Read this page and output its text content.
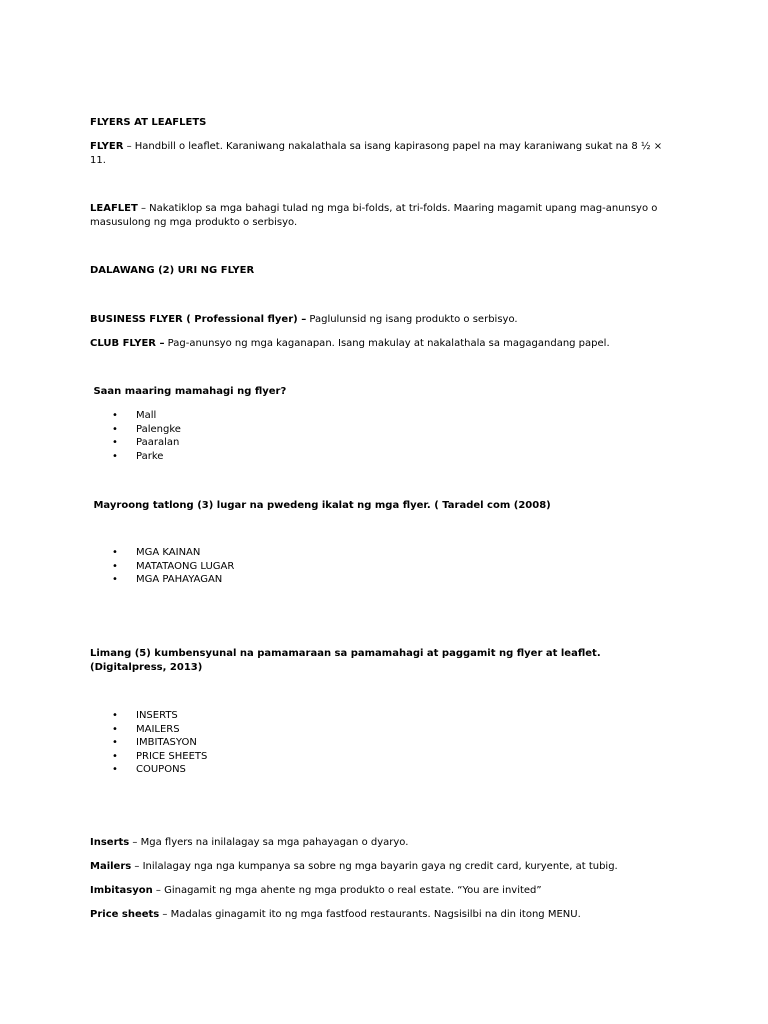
FLYERS AT LEAFLETS

FLYER – Handbill o leaflet. Karaniwang nakalathala sa isang kapirasong papel na may karaniwang sukat na 8 ½ × 11.

LEAFLET – Nakatiklop sa mga bahagi tulad ng mga bi-folds, at tri-folds. Maaring magamit upang mag-anunsyo o masusulong ng mga produkto o serbisyo.

DALAWANG (2) URI NG FLYER

BUSINESS FLYER ( Professional flyer) – Paglulunsid ng isang produkto o serbisyo.

CLUB FLYER – Pag-anunsyo ng mga kaganapan. Isang makulay at nakalathala sa magagandang papel.

Saan maaring mamahagi ng flyer?

• Mall
• Palengke
• Paaralan
• Parke

Mayroong tatlong (3) lugar na pwedeng ikalat ng mga flyer. ( Taradel com (2008)

• MGA KAINAN
• MATATAONG LUGAR
• MGA PAHAYAGAN

Limang (5) kumbensyunal na pamamaraan sa pamamahagi at paggamit ng flyer at leaflet. (Digitalpress, 2013)

• INSERTS
• MAILERS
• IMBITASYON
• PRICE SHEETS
• COUPONS

Inserts – Mga flyers na inilalagay sa mga pahayagan o dyaryo.

Mailers – Inilalagay nga nga kumpanya sa sobre ng mga bayarin gaya ng credit card, kuryente, at tubig.

Imbitasyon – Ginagamit ng mga ahente ng mga produkto o real estate. “You are invited”

Price sheets – Madalas ginagamit ito ng mga fastfood restaurants. Nagsisilbi na din itong MENU.
